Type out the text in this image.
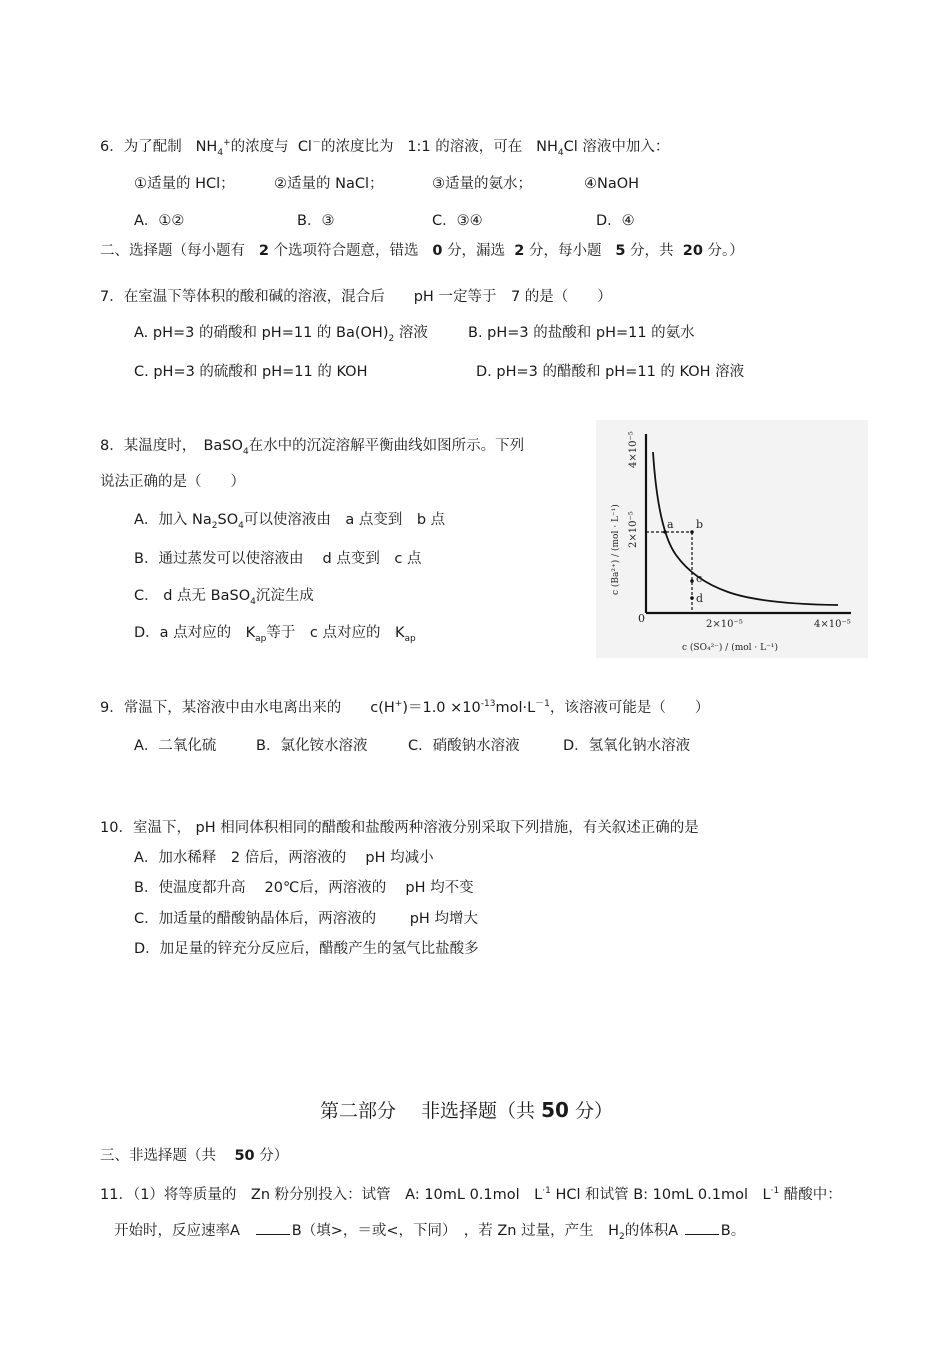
6．为了配制 $NH_4^+$的浓度与 Cl－的浓度比为 1:1 的溶液，可在 $NH_4Cl$ 溶液中加入：
①适量的 HCl；	②适量的 NaCl；	③适量的氨水；	④NaOH
A．①②	B．③	C．③④	D．④
二、选择题（每小题有 2 个选项符合题意，错选 0 分，漏选 2 分，每小题 5 分，共 20 分。）
7．在室温下等体积的酸和碱的溶液，混合后　　pH 一定等于　7 的是（　　）
A. pH=3 的硝酸和 pH=11 的 $Ba(OH)_2$ 溶液	B. pH=3 的盐酸和 pH=11 的氨水
C. pH=3 的硫酸和 pH=11 的 KOH	D. pH=3 的醋酸和 pH=11 的 KOH 溶液
8．某温度时，　BaSO$_4$在水中的沉淀溶解平衡曲线如图所示。下列
说法正确的是（　　）
A．加入 $Na_2SO_4$可以使溶液由　a 点变到　b 点
B．通过蒸发可以使溶液由　 d 点变到　c 点
C． d 点无 BaSO$_4$沉淀生成
D．a 点对应的　$K_{ap}$等于　c 点对应的　$K_{ap}$
a b
c
d
0	2×10⁻⁵	4×10⁻⁵
4×10⁻⁵
2×10⁻⁵
c (Ba²⁺) / (mol · L⁻¹)
c (SO₄²⁻) / (mol · L⁻¹)
9．常温下，某溶液中由水电离出来的　　$c(H^+)=1.0 \times 10^{-13}mol\cdot L^{-1}$，该溶液可能是（　　）
A．二氧化硫	B．氯化铵水溶液	C．硝酸钠水溶液	D．氢氧化钠水溶液
10．室温下， pH 相同体积相同的醋酸和盐酸两种溶液分别采取下列措施，有关叙述正确的是
A．加水稀释　2 倍后，两溶液的　 pH 均减小
B．使温度都升高　 20℃后，两溶液的　 pH 均不变
C．加适量的醋酸钠晶体后，两溶液的　　 pH 均增大
D．加足量的锌充分反应后，醋酸产生的氢气比盐酸多
第二部分　 非选择题（共 50 分）
三、非选择题（共 50 分）
11．（1）将等质量的　Zn 粉分别投入：试管　A: 10mL 0.1mol　$L^{\cdot 1}$ HCl 和试管 B: 10mL 0.1mol　$L^{\cdot 1}$ 醋酸中：
开始时，反应速率A	B（填>，＝或<，下同）　，若 Zn 过量，产生　$H_2$的体积A	B。
